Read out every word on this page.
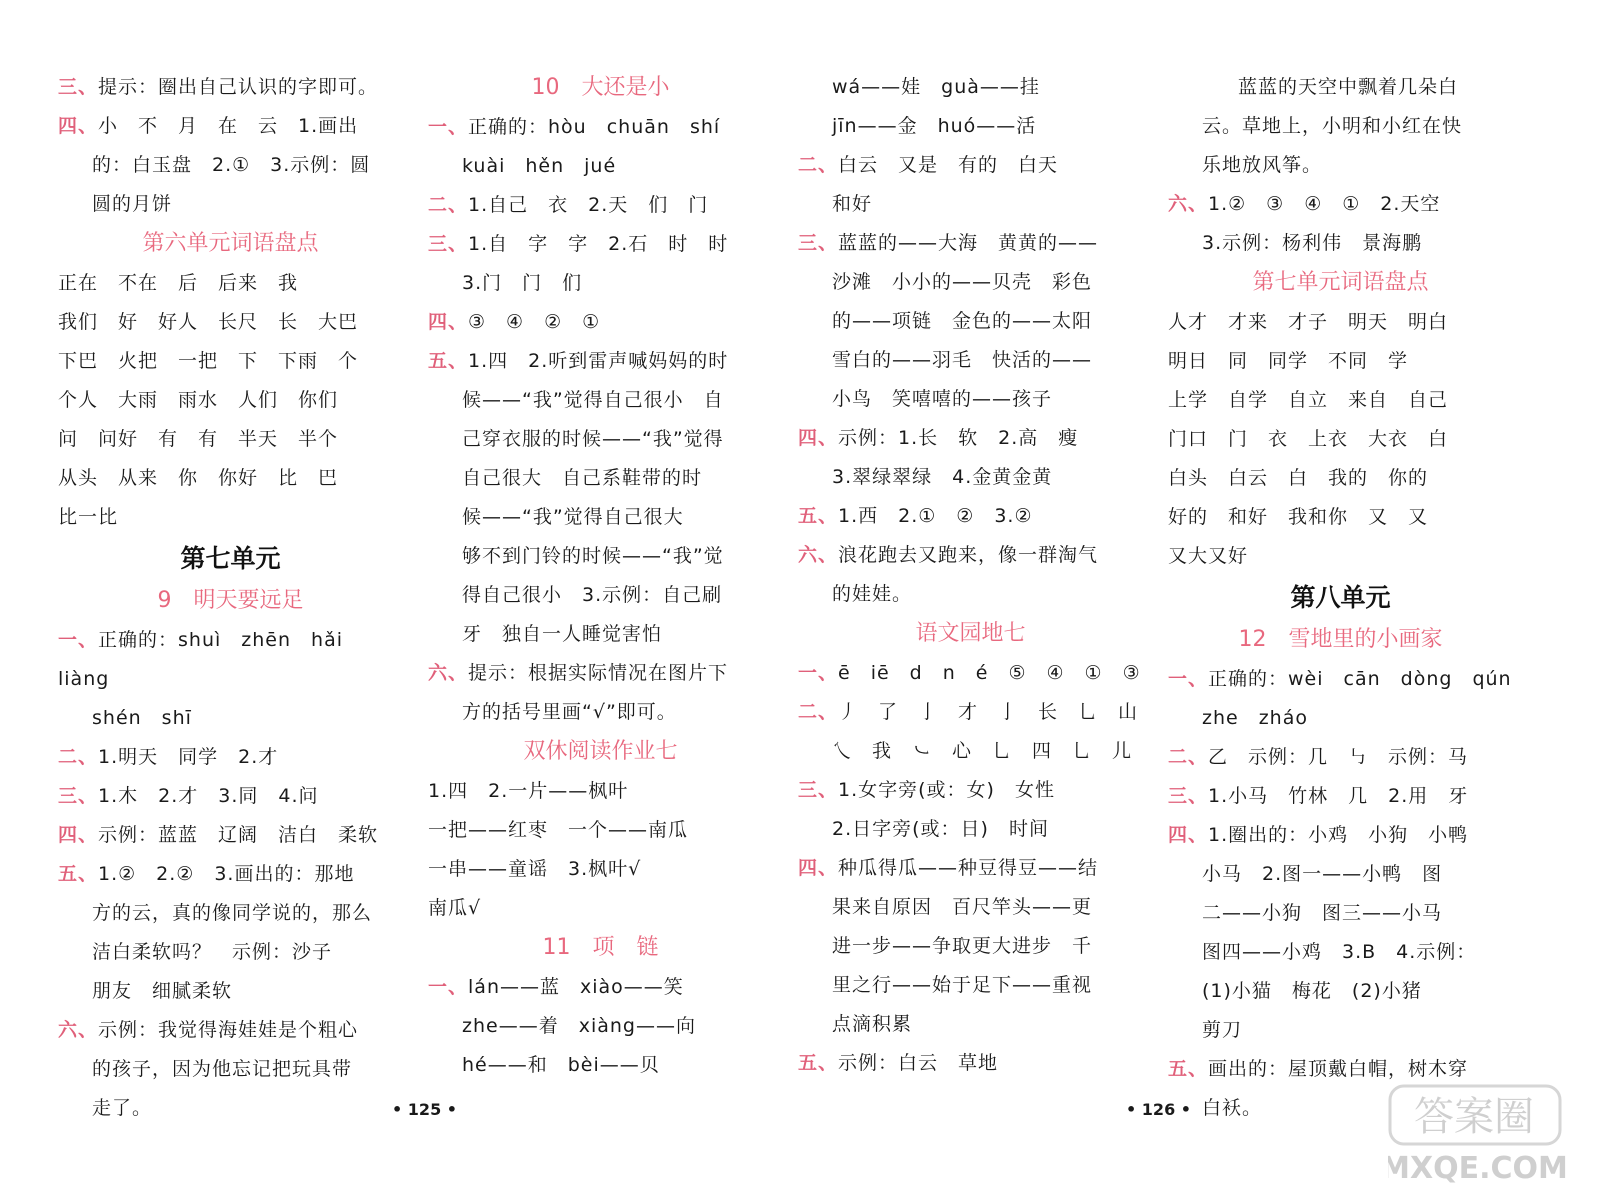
三、提示：圈出自己认识的字即可。
四、小　不　月　在　云　1.画出
的：白玉盘　2.①　3.示例：圆
圆的月饼
第六单元词语盘点
正在　不在　后　后来　我
我们　好　好人　长尺　长　大巴
下巴　火把　一把　下　下雨　个
个人　大雨　雨水　人们　你们
问　问好　有　有　半天　半个
从头　从来　你　你好　比　巴
比一比
第七单元
9　明天要远足
一、正确的：shuì　zhēn　hǎi　liàng
shén　shī
二、1.明天　同学　2.才
三、1.木　2.才　3.同　4.问
四、示例：蓝蓝　辽阔　洁白　柔软
五、1.②　2.②　3.画出的：那地
方的云，真的像同学说的，那么
洁白柔软吗？　示例：沙子
朋友　细腻柔软
六、示例：我觉得海娃娃是个粗心
的孩子，因为他忘记把玩具带
走了。
10　大还是小
一、正确的：hòu　chuān　shí
kuài　hěn　jué
二、1.自己　衣　2.天　们　门
三、1.自　字　字　2.石　时　时
3.门　门　们
四、③　④　②　①
五、1.四　2.听到雷声喊妈妈的时
候——“我”觉得自己很小　自
己穿衣服的时候——“我”觉得
自己很大　自己系鞋带的时
候——“我”觉得自己很大
够不到门铃的时候——“我”觉
得自己很小　3.示例：自己刷
牙　独自一人睡觉害怕
六、提示：根据实际情况在图片下
方的括号里画“√”即可。
双休阅读作业七
1.四　2.一片——枫叶
一把——红枣　一个——南瓜
一串——童谣　3.枫叶√
南瓜√
11　项　链
一、lán——蓝　xiào——笑
zhe——着　xiàng——向
hé——和　bèi——贝
wá——娃　guà——挂
jīn——金　huó——活
二、白云　又是　有的　白天
和好
三、蓝蓝的——大海　黄黄的——
沙滩　小小的——贝壳　彩色
的——项链　金色的——太阳
雪白的——羽毛　快活的——
小鸟　笑嘻嘻的——孩子
四、示例：1.长　软　2.高　瘦
3.翠绿翠绿　4.金黄金黄
五、1.西　2.①　②　3.②
六、浪花跑去又跑来，像一群淘气
的娃娃。
语文园地七
一、ē　iē　d　n　é　⑤　④　①　③
二、丿　了　亅　才　亅　长　乚　山
乀　我　㇃　心　乚　四　乚　儿
三、1.女字旁(或：女)　女性
2.日字旁(或：日)　时间
四、种瓜得瓜——种豆得豆——结
果来自原因　百尺竿头——更
进一步——争取更大进步　千
里之行——始于足下——重视
点滴积累
五、示例：白云　草地
蓝蓝的天空中飘着几朵白
云。草地上，小明和小红在快
乐地放风筝。
六、1.②　③　④　①　2.天空
3.示例：杨利伟　景海鹏
第七单元词语盘点
人才　才来　才子　明天　明白
明日　同　同学　不同　学
上学　自学　自立　来自　自己
门口　门　衣　上衣　大衣　白
白头　白云　白　我的　你的
好的　和好　我和你　又　又
又大又好
第八单元
12　雪地里的小画家
一、正确的：wèi　cān　dòng　qún
zhe　zháo
二、乙　示例：几　㇉　示例：马
三、1.小马　竹林　几　2.用　牙
四、1.圈出的：小鸡　小狗　小鸭
小马　2.图一——小鸭　图
二——小狗　图三——小马
图四——小鸡　3.B　4.示例：
(1)小猫　梅花　(2)小猪
剪刀
五、画出的：屋顶戴白帽，树木穿
白袄。
• 125 •	• 126 •	答案圈
MXQE.COM
